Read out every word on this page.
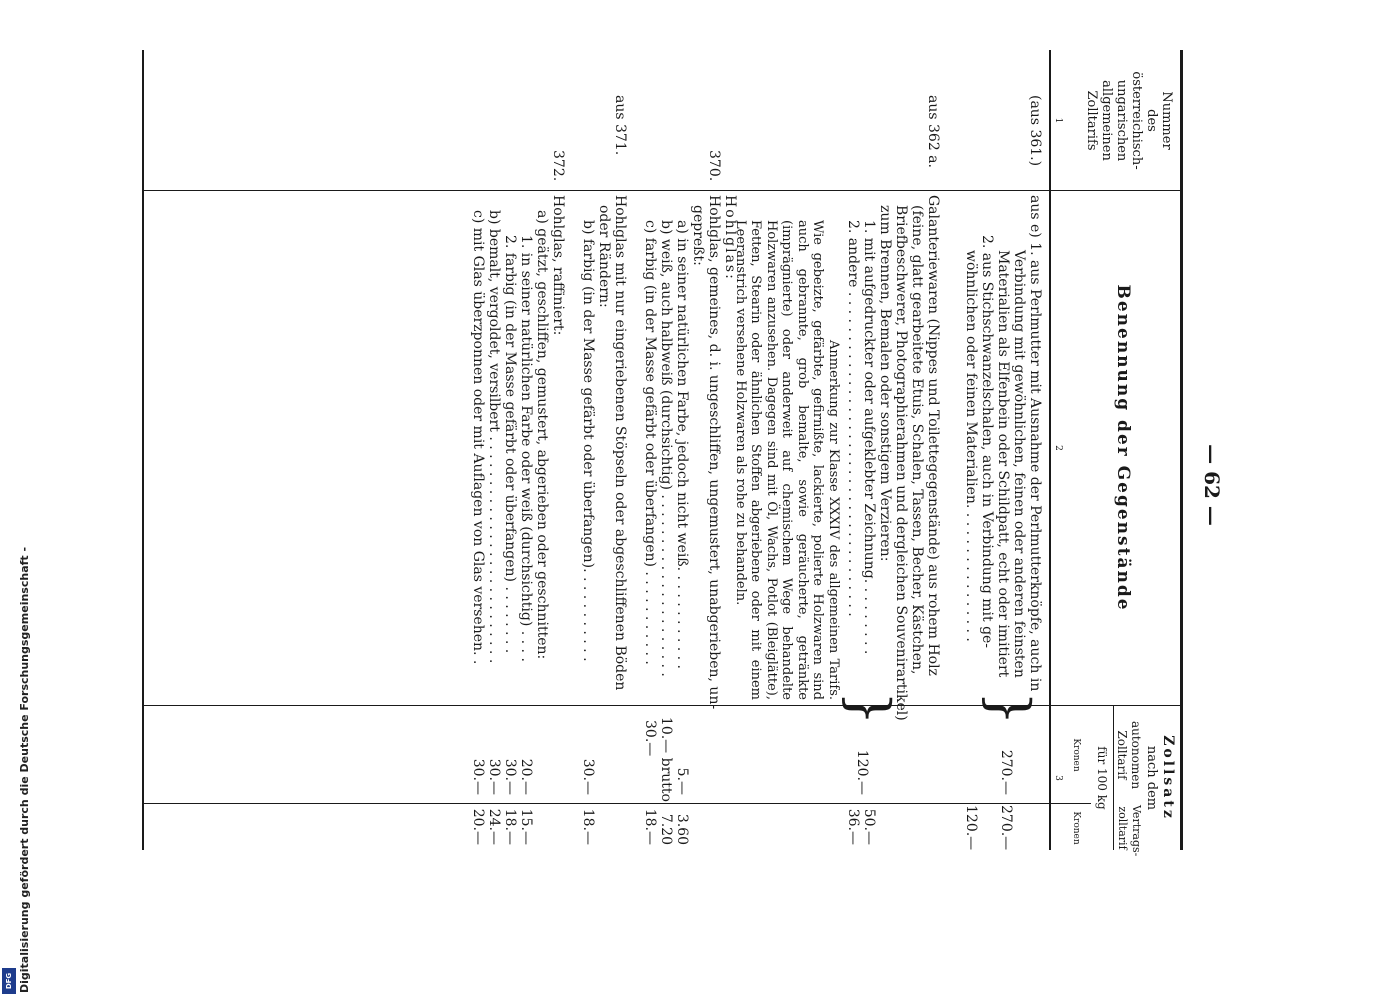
— 62 —
Nummer
des
österreichisch-
ungarischen
allgemeinen
Zolltarifs
1
Benennung der Gegenstände
2
Zollsatz
nach dem
autonomen
Zolltarif
Vertrags-
zolltarif
für 100 kg
Kronen
Kronen
3
(aus 361.)
aus e) 1. aus Perlmutter mit Ausnahme der Perlmutterknöpfe, auch in
Verbindung mit gewöhnlichen, feinen oder anderen feinsten
Materialien als Elfenbein oder Schildpatt, echt oder imitiert
2. aus Stichschwanzelschalen, auch in Verbindung mit ge-
wöhnlichen oder feinen Materialien. . . . . . . . . . . . . . . .
}
270.—
270.—
120.—
aus 362 a.
Galanteriewaren (Nippes und Toilettegegenstände) aus rohem Holz
(feine, glatt gearbeitete Etuis, Schalen, Tassen, Becher, Kästchen,
Briefbeschwerer, Photographierahmen und dergleichen Souvenirartikel)
zum Brennen, Bemalen oder sonstigem Verzieren:
1. mit aufgedruckter oder aufgeklebter Zeichnung. . . . . . . . .
2. andere . . . . . . . . . . . . . . . . . . . . . . . . . . . . . . . . . . . . .
}
120.—
50.—
36.—
Anmerkung zur Klasse XXXIV des allgemeinen Tarifs. Wie gebeizte, gefärbte, gefirnißte, lackierte, polierte Holzwaren sind auch gebrannte, grob bemalte, sowie geräucherte, getränkte (imprägnierte) oder anderweit auf chemischem Wege behandelte Holzwaren anzusehen. Dagegen sind mit Öl, Wachs, Potlot (Bleiglätte), Fetten, Stearin oder ähnlichen Stoffen abgeriebene oder mit einem Leeranstrich versehene Holzwaren als rohe zu behandeln.
Hohlglas:
370.
Hohlglas, gemeines, d. i. ungeschliffen, ungemustert, unabgerieben, un-
gepreßt:
a) in seiner natürlichen Farbe, jedoch nicht weiß. . . . . . . . . . . .
b) weiß, auch halbweiß (durchsichtig) . . . . . . . . . . . . . . . . . . . . .
c) farbig (in der Masse gefärbt oder überfangen) . . . . . . . . . . .
5.—
10.— brutto
30.—
3.60
7.20
18.—
aus 371.
Hohlglas mit nur eingeriebenen Stöpseln oder abgeschliffenen Böden
oder Rändern:
b) farbig (in der Masse gefärbt oder überfangen). . . . . . . . . . .
30.—
18.—
372.
Hohlglas, raffiniert:
a) geätzt, geschliffen, gemustert, abgerieben oder geschnitten:
1. in seiner natürlichen Farbe oder weiß (durchsichtig) . . . .
2. farbig (in der Masse gefärbt oder überfangen) . . . . . . . .
b) bemalt, vergoldet, versilbert . . . . . . . . . . . . . . . . . . . . . . . . . .
c) mit Glas überzponnen oder mit Auflagen von Glas versehen. .
20.—
30.—
30.—
30.—
15.—
18.—
24.—
20.—
Digitalisierung gefördert durch die Deutsche Forschungsgemeinschaft -
DFG
